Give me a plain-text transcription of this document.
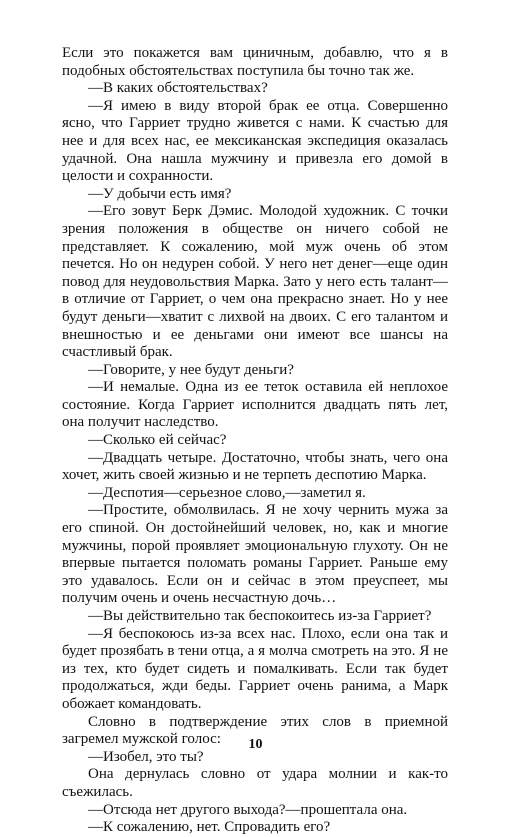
Если это покажется вам циничным, добавлю, что я в подобных обстоятельствах поступила бы точно так же.

—В каких обстоятельствах?

—Я имею в виду второй брак ее отца. Совершенно ясно, что Гарриет трудно живется с нами. К счастью для нее и для всех нас, ее мексиканская экспедиция оказалась удачной. Она нашла мужчину и привезла его домой в целости и сохранности.

—У добычи есть имя?

—Его зовут Берк Дэмис. Молодой художник. С точки зрения положения в обществе он ничего собой не представляет. К сожалению, мой муж очень об этом печется. Но он недурен собой. У него нет денег—еще один повод для неудовольствия Марка. Зато у него есть талант—в отличие от Гарриет, о чем она прекрасно знает. Но у нее будут деньги—хватит с лихвой на двоих. С его талантом и внешностью и ее деньгами они имеют все шансы на счастливый брак.

—Говорите, у нее будут деньги?

—И немалые. Одна из ее теток оставила ей неплохое состояние. Когда Гарриет исполнится двадцать пять лет, она получит наследство.

—Сколько ей сейчас?

—Двадцать четыре. Достаточно, чтобы знать, чего она хочет, жить своей жизнью и не терпеть деспотию Марка.

—Деспотия—серьезное слово,—заметил я.

—Простите, обмолвилась. Я не хочу чернить мужа за его спиной. Он достойнейший человек, но, как и многие мужчины, порой проявляет эмоциональную глухоту. Он не впервые пытается поломать романы Гарриет. Раньше ему это удавалось. Если он и сейчас в этом преуспеет, мы получим очень и очень несчастную дочь…

—Вы действительно так беспокоитесь из-за Гарриет?

—Я беспокоюсь из-за всех нас. Плохо, если она так и будет прозябать в тени отца, а я молча смотреть на это. Я не из тех, кто будет сидеть и помалкивать. Если так будет продолжаться, жди беды. Гарриет очень ранима, а Марк обожает командовать.

Словно в подтверждение этих слов в приемной загремел мужской голос:

—Изобел, это ты?

Она дернулась словно от удара молнии и как-то съежилась.

—Отсюда нет другого выхода?—прошептала она.

—К сожалению, нет. Спровадить его?

10
